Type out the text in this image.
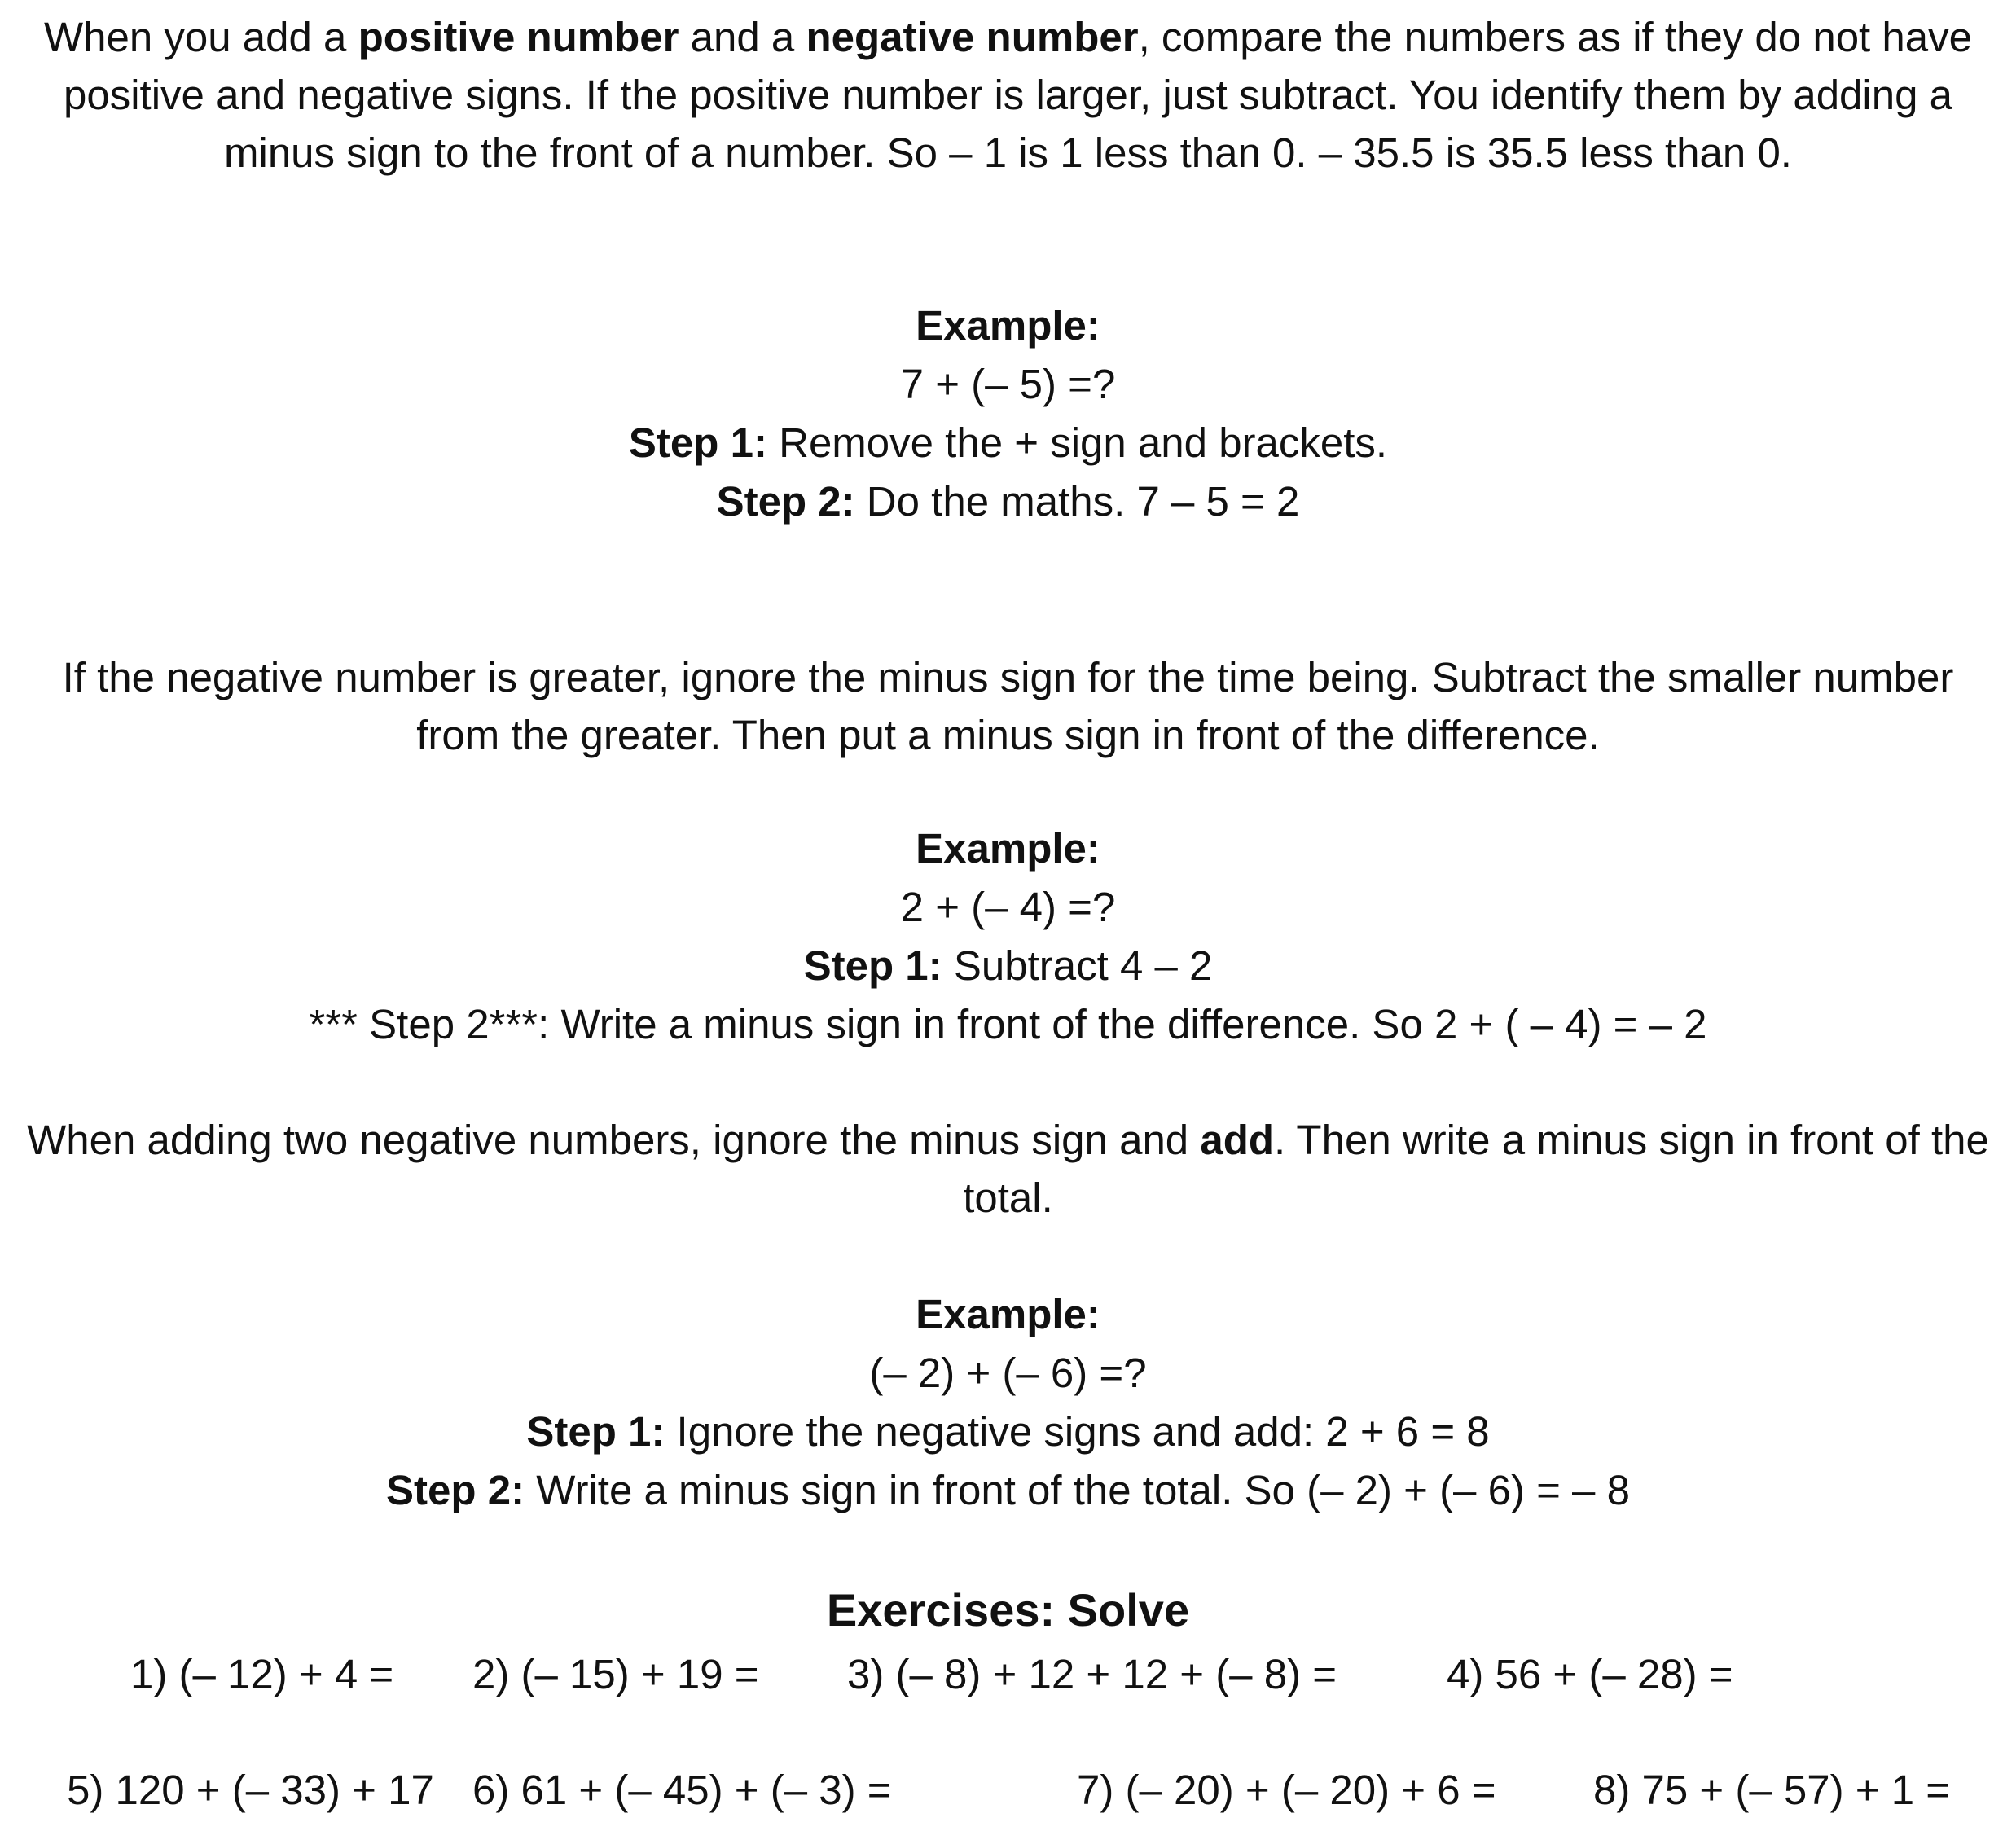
When you add a positive number and a negative number, compare the numbers as if they do not have positive and negative signs. If the positive number is larger, just subtract. You identify them by adding a minus sign to the front of a number. So – 1 is 1 less than 0. – 35.5 is 35.5 less than 0.
Example:
7 + (– 5) =?
Step 1: Remove the + sign and brackets.
Step 2: Do the maths. 7 – 5 = 2
If the negative number is greater, ignore the minus sign for the time being. Subtract the smaller number from the greater. Then put a minus sign in front of the difference.
Example:
2 + (– 4) =?
Step 1: Subtract 4 – 2
*** Step 2***: Write a minus sign in front of the difference. So 2 + ( – 4) = – 2
When adding two negative numbers, ignore the minus sign and add. Then write a minus sign in front of the total.
Example:
(– 2) + (– 6) =?
Step 1: Ignore the negative signs and add: 2 + 6 = 8
Step 2: Write a minus sign in front of the total. So (– 2) + (– 6) = – 8
Exercises: Solve
1) (– 12) + 4 = 2) (– 15) + 19 = 3) (– 8) + 12 + 12 + (– 8) =	4) 56 + (– 28) =
5) 120 + (– 33) + 17 6) 61 + (– 45) + (– 3) =	7) (– 20) + (– 20) + 6 = 8) 75 + (– 57) + 1 =
